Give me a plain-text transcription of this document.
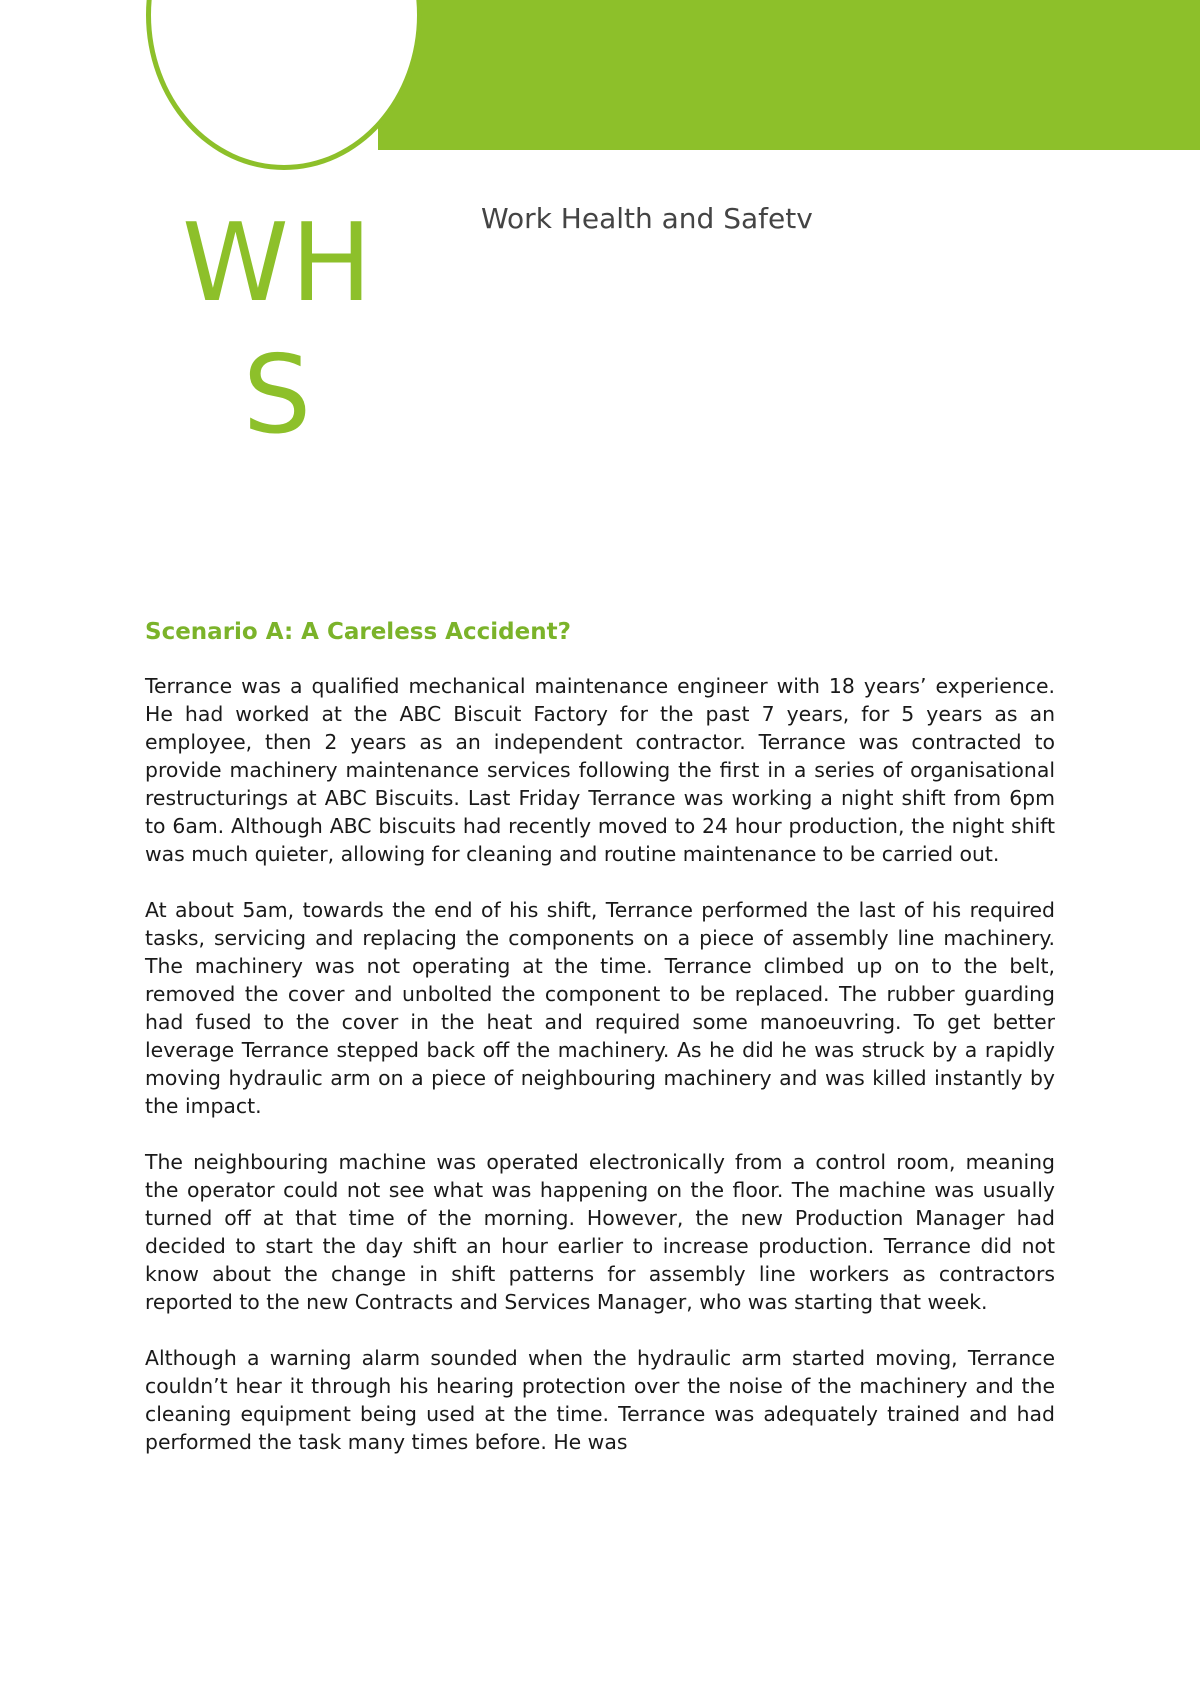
WH
S
Work Health and Safetv
Scenario A: A Careless Accident?

Terrance was a qualified mechanical maintenance engineer with 18 years’ experience. He had worked at the ABC Biscuit Factory for the past 7 years, for 5 years as an employee, then 2 years as an independent contractor. Terrance was contracted to provide machinery maintenance services following the first in a series of organisational restructurings at ABC Biscuits. Last Friday Terrance was working a night shift from 6pm to 6am. Although ABC biscuits had recently moved to 24 hour production, the night shift was much quieter, allowing for cleaning and routine maintenance to be carried out.

At about 5am, towards the end of his shift, Terrance performed the last of his required tasks, servicing and replacing the components on a piece of assembly line machinery. The machinery was not operating at the time. Terrance climbed up on to the belt, removed the cover and unbolted the component to be replaced. The rubber guarding had fused to the cover in the heat and required some manoeuvring. To get better leverage Terrance stepped back off the machinery. As he did he was struck by a rapidly moving hydraulic arm on a piece of neighbouring machinery and was killed instantly by the impact.

The neighbouring machine was operated electronically from a control room, meaning the operator could not see what was happening on the floor. The machine was usually turned off at that time of the morning. However, the new Production Manager had decided to start the day shift an hour earlier to increase production. Terrance did not know about the change in shift patterns for assembly line workers as contractors reported to the new Contracts and Services Manager, who was starting that week.

Although a warning alarm sounded when the hydraulic arm started moving, Terrance couldn’t hear it through his hearing protection over the noise of the machinery and the cleaning equipment being used at the time. Terrance was adequately trained and had performed the task many times before. He was
